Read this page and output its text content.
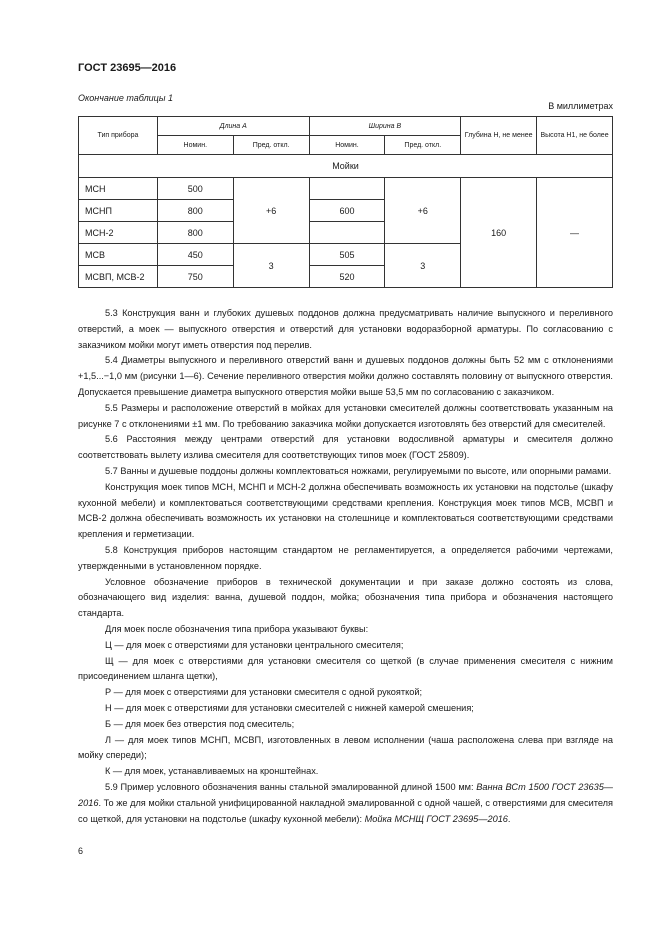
ГОСТ 23695—2016
Окончание таблицы 1
В миллиметрах
Тип прибора	Длина A		Ширина B		Глубина H, не менее	Высота H1, не более
	Номин.	Пред. откл.	Номин.	Пред. откл.		
Мойки						
МСН	500	+6		+6	160	—
МСНП	800		600			
МСН-2	800					
МСВ	450	3	505	3		
МСВП, МСВ-2	750		520			

5.3 Конструкция ванн и глубоких душевых поддонов должна предусматривать наличие выпускного и переливного отверстий, а моек — выпускного отверстия и отверстий для установки водоразборной арматуры. По согласованию с заказчиком мойки могут иметь отверстия под перелив.

5.4 Диаметры выпускного и переливного отверстий ванн и душевых поддонов должны быть 52 мм с отклонениями +1,5...−1,0 мм (рисунки 1—6). Сечение переливного отверстия мойки должно составлять половину от выпускного отверстия. Допускается превышение диаметра выпускного отверстия мойки выше 53,5 мм по согласованию с заказчиком.

5.5 Размеры и расположение отверстий в мойках для установки смесителей должны соответствовать указанным на рисунке 7 с отклонениями ±1 мм. По требованию заказчика мойки допускается изготовлять без отверстий для смесителей.

5.6 Расстояния между центрами отверстий для установки водосливной арматуры и смесителя должно соответствовать вылету излива смесителя для соответствующих типов моек (ГОСТ 25809).

5.7 Ванны и душевые поддоны должны комплектоваться ножками, регулируемыми по высоте, или опорными рамами.

Конструкция моек типов МСН, МСНП и МСН-2 должна обеспечивать возможность их установки на подстолье (шкафу кухонной мебели) и комплектоваться соответствующими средствами крепления. Конструкция моек типов МСВ, МСВП и МСВ-2 должна обеспечивать возможность их установки на столешнице и комплектоваться соответствующими средствами крепления и герметизации.

5.8 Конструкция приборов настоящим стандартом не регламентируется, а определяется рабочими чертежами, утвержденными в установленном порядке.

Условное обозначение приборов в технической документации и при заказе должно состоять из слова, обозначающего вид изделия: ванна, душевой поддон, мойка; обозначения типа прибора и обозначения настоящего стандарта.

Для моек после обозначения типа прибора указывают буквы:

Ц — для моек с отверстиями для установки центрального смесителя;

Щ — для моек с отверстиями для установки смесителя со щеткой (в случае применения смесителя с нижним присоединением шланга щетки),

Р — для моек с отверстиями для установки смесителя с одной рукояткой;

Н — для моек с отверстиями для установки смесителей с нижней камерой смешения;

Б — для моек без отверстия под смеситель;

Л — для моек типов МСНП, МСВП, изготовленных в левом исполнении (чаша расположена слева при взгляде на мойку спереди);

К — для моек, устанавливаемых на кронштейнах.

5.9 Пример условного обозначения ванны стальной эмалированной длиной 1500 мм: Ванна ВСт 1500 ГОСТ 23635—2016. То же для мойки стальной унифицированной накладной эмалированной с одной чашей, с отверстиями для смесителя со щеткой, для установки на подстолье (шкафу кухонной мебели): Мойка МСНЩ ГОСТ 23695—2016.

6
